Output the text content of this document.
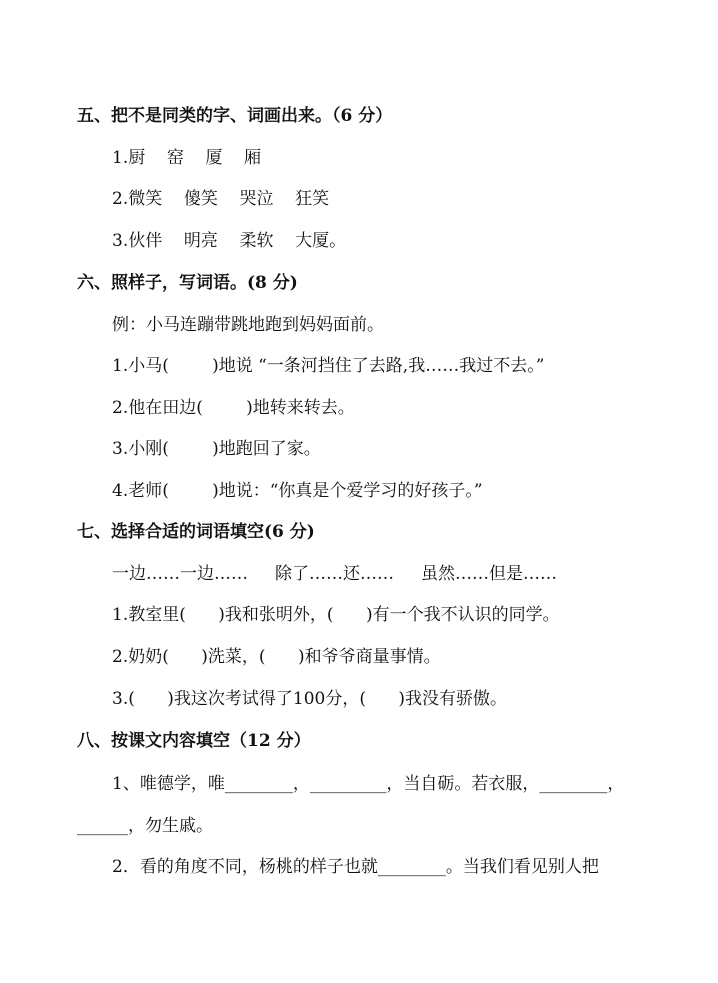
五、把不是同类的字、词画出来。（6 分）
1.厨    窑    厦    厢
2.微笑    傻笑    哭泣    狂笑
3.伙伴    明亮    柔软    大厦。
六、照样子，写词语。(8 分)
例：小马连蹦带跳地跑到妈妈面前。
1.小马(        )地说 “一条河挡住了去路,我……我过不去。”
2.他在田边(        )地转来转去。
3.小刚(        )地跑回了家。
4.老师(        )地说：“你真是个爱学习的好孩子。”
七、选择合适的词语填空(6 分)
一边……一边……     除了……还……     虽然……但是……
1.教室里(      )我和张明外，(      )有一个我不认识的同学。
2.奶奶(      )洗菜，(      )和爷爷商量事情。
3.(      )我这次考试得了100分，(      )我没有骄傲。
八、按课文内容填空（12 分）
1、唯德学，唯________，_________，当自砺。若衣服，________，
______，勿生戚。
2．看的角度不同，杨桃的样子也就________。当我们看见别人把
